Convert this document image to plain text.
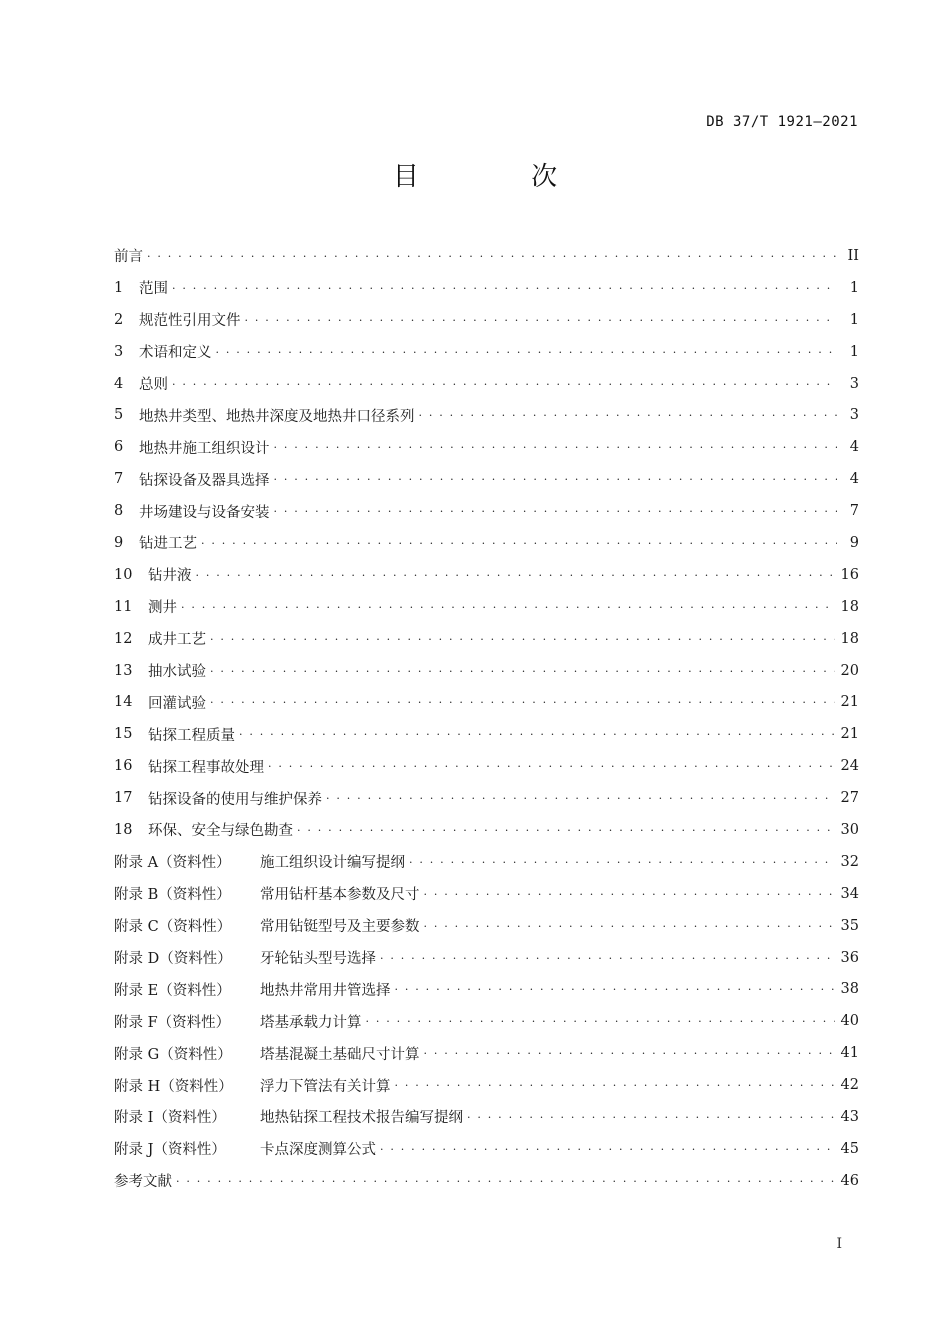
DB 37/T 1921—2021
目 次
前言 . . .	II
1	范围 . . .	1
2	规范性引用文件 . . .	1
3	术语和定义 . . .	1
4	总则 . . .	3
5	地热井类型、地热井深度及地热井口径系列 . . .	3
6	地热井施工组织设计 . . .	4
7	钻探设备及器具选择 . . .	4
8	井场建设与设备安装 . . .	7
9	钻进工艺 . . .	9
10	钻井液 . . .	16
11	测井 . . .	18
12	成井工艺 . . .	18
13	抽水试验 . . .	20
14	回灌试验 . . .	21
15	钻探工程质量 . . .	21
16	钻探工程事故处理 . . .	24
17	钻探设备的使用与维护保养 . . .	27
18	环保、安全与绿色勘查 . . .	30
附录 A（资料性）	施工组织设计编写提纲 . . .	32
附录 B（资料性）	常用钻杆基本参数及尺寸 . . .	34
附录 C（资料性）	常用钻铤型号及主要参数 . . .	35
附录 D（资料性）	牙轮钻头型号选择 . . .	36
附录 E（资料性）	地热井常用井管选择 . . .	38
附录 F（资料性）	塔基承载力计算 . . .	40
附录 G（资料性）	塔基混凝土基础尺寸计算 . . .	41
附录 H（资料性）	浮力下管法有关计算 . . .	42
附录 I（资料性）	地热钻探工程技术报告编写提纲 . . .	43
附录 J（资料性）	卡点深度测算公式 . . .	45
参考文献 . . .	46
I
